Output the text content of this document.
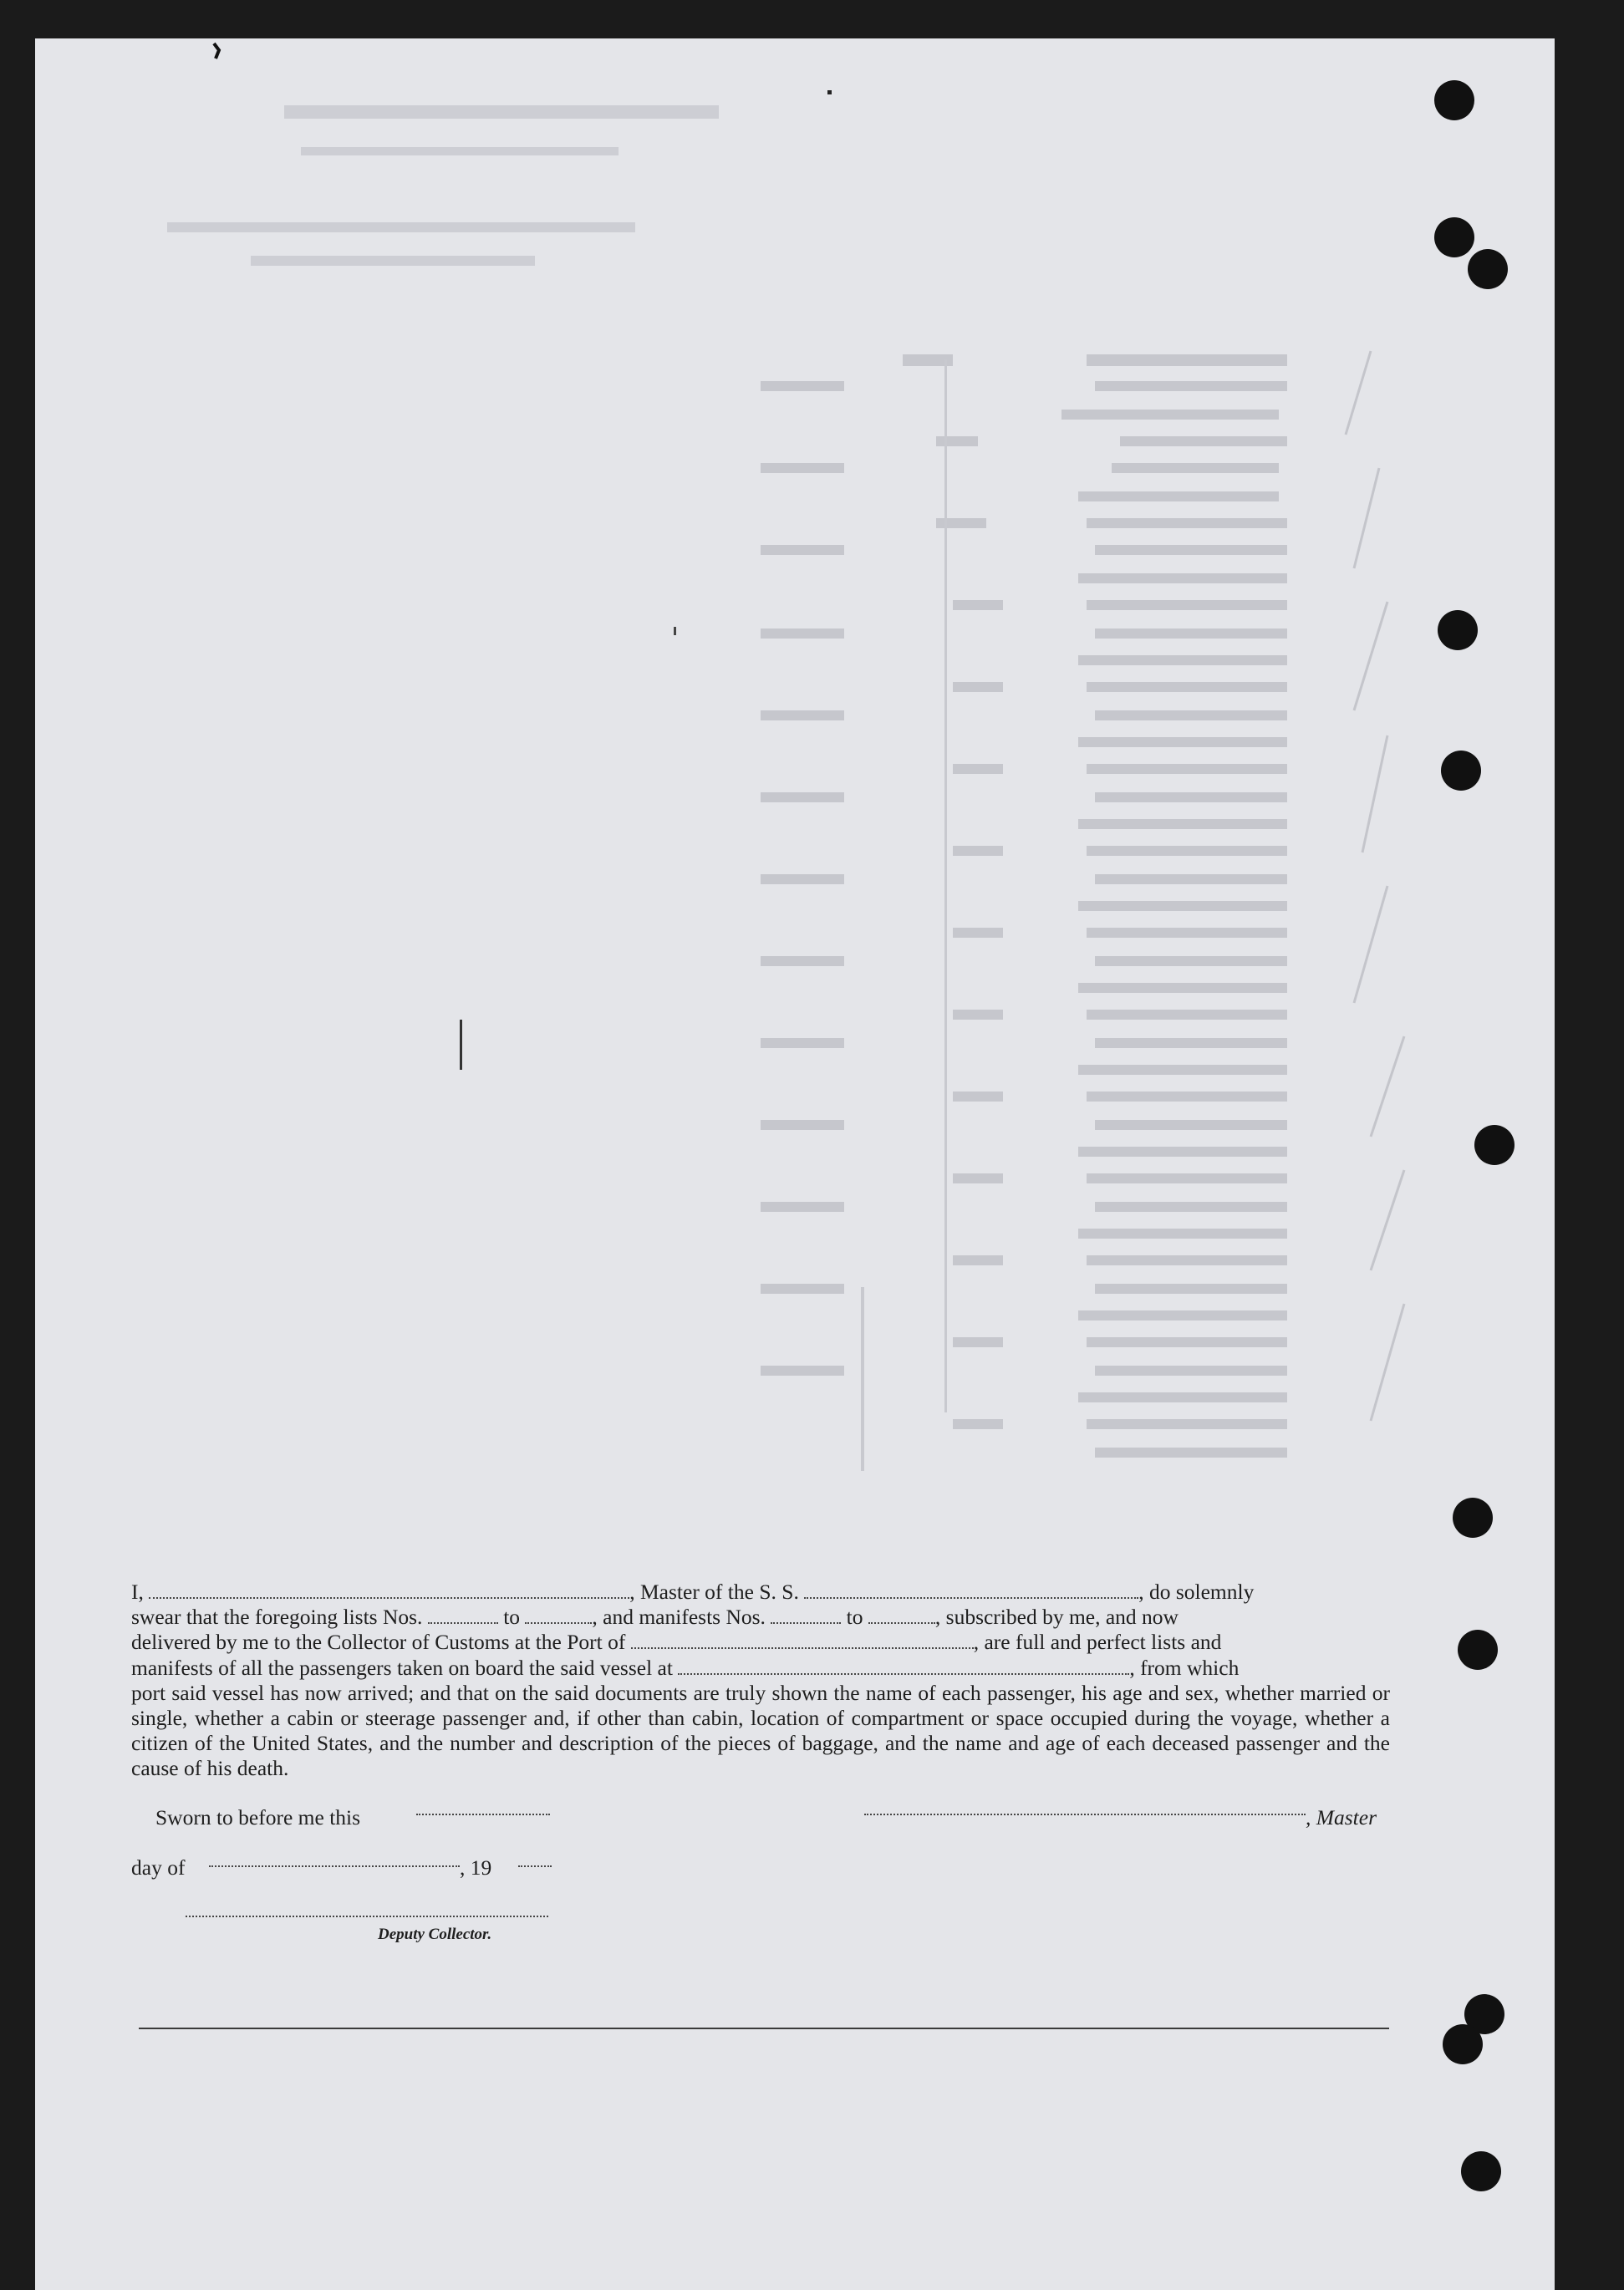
I,	, Master of the S. S.	, do solemnly

swear that the foregoing lists Nos.	to	, and manifests Nos.	to	, subscribed by me, and now

delivered by me to the Collector of Customs at the Port of	, are full and perfect lists and

manifests of all the passengers taken on board the said vessel at	, from which

port said vessel has now arrived; and that on the said documents are truly shown the name of each passenger, his age and sex, whether married or single, whether a cabin or steerage passenger and, if other than cabin, location of compartment or space occupied during the voyage, whether a citizen of the United States, and the number and description of the pieces of baggage, and the name and age of each deceased passenger and the cause of his death.

Sworn to before me this	, Master
day of	, 19
Deputy Collector.
